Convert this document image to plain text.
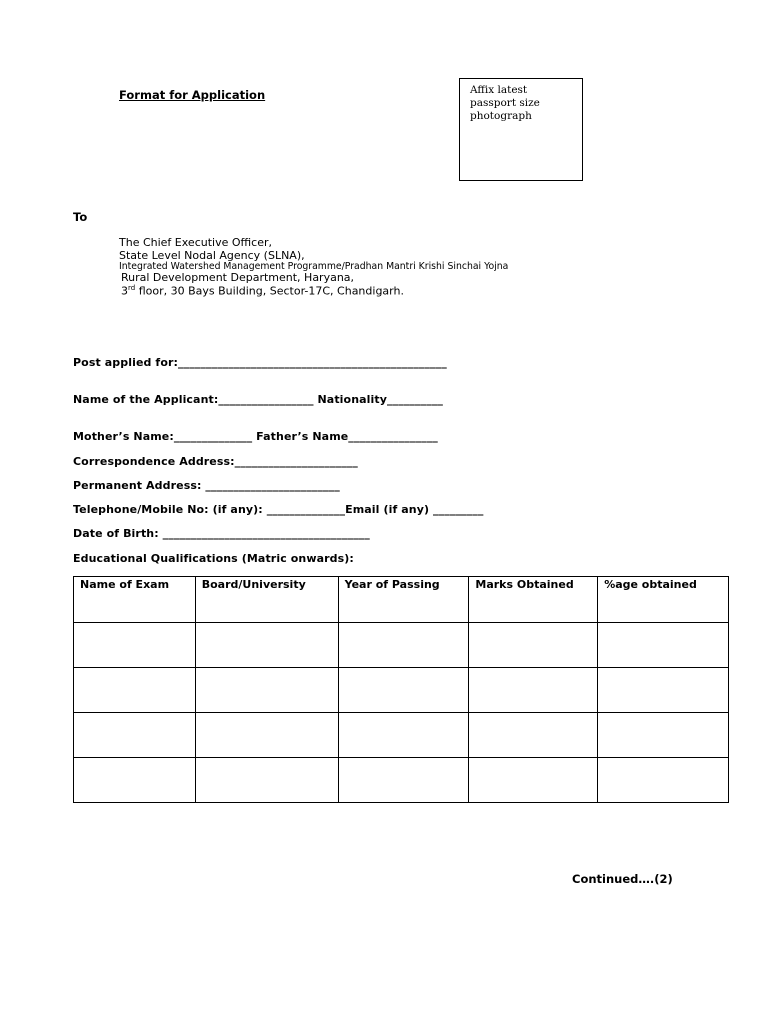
Format for Application	Affix latest passport size photograph
To
The Chief Executive Officer,
State Level Nodal Agency (SLNA),
Integrated Watershed Management Programme/Pradhan Mantri Krishi Sinchai Yojna
Rural Development Department, Haryana,
3rd floor, 30 Bays Building, Sector-17C, Chandigarh.
Post applied for:________________________________________________
Name of the Applicant:_________________ Nationality__________
Mother’s Name:______________ Father’s Name________________
Correspondence Address:______________________
Permanent Address: ________________________
Telephone/Mobile No: (if any): ______________Email (if any) _________
Date of Birth: _____________________________________
Educational Qualifications (Matric onwards):
Name of Exam	Board/University	Year of Passing	Marks Obtained	%age obtained

Continued….(2)
